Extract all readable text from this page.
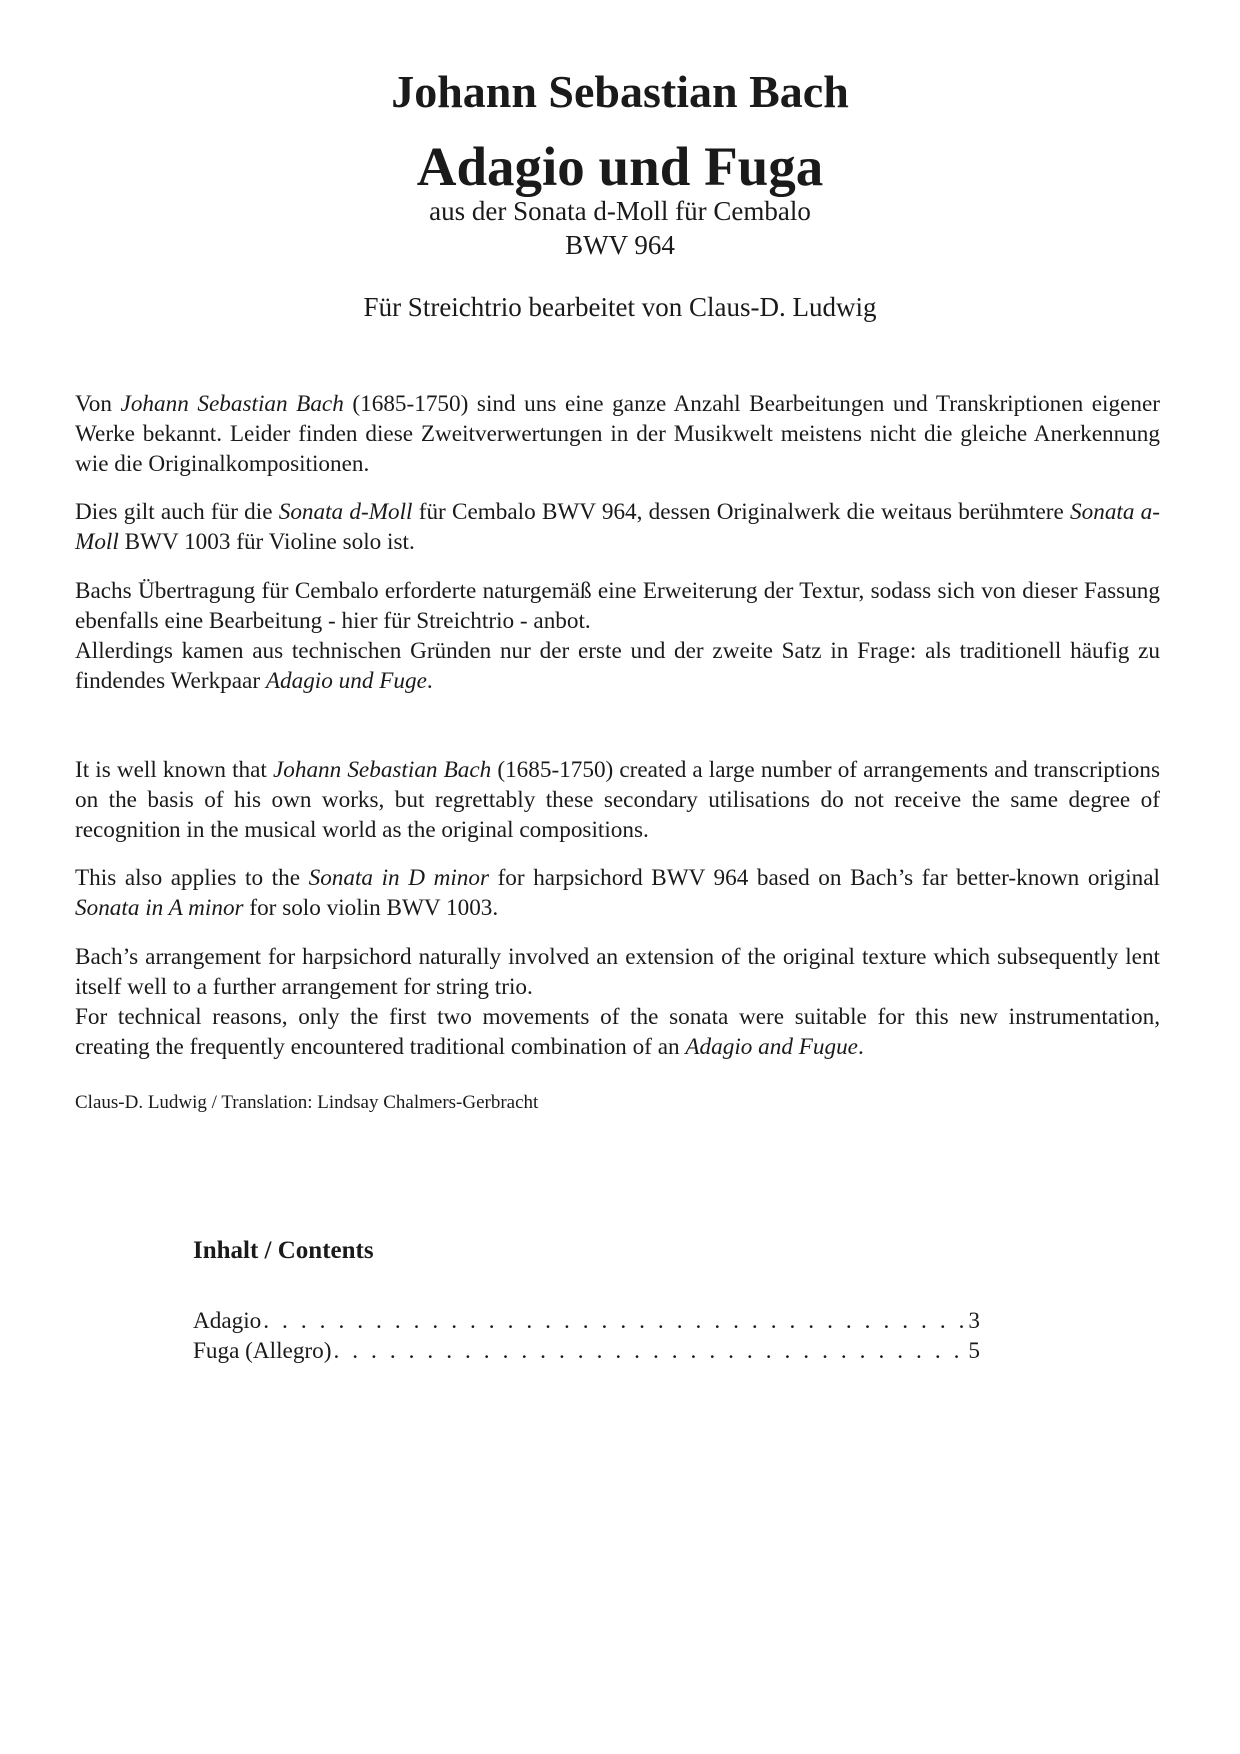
Johann Sebastian Bach
Adagio und Fuga
aus der Sonata d-Moll für Cembalo
BWV 964
Für Streichtrio bearbeitet von Claus-D. Ludwig

Von Johann Sebastian Bach (1685-1750) sind uns eine ganze Anzahl Bearbeitungen und Transkriptionen eigener Werke bekannt. Leider finden diese Zweitverwertungen in der Musikwelt meistens nicht die gleiche Anerkennung wie die Originalkompositionen.

Dies gilt auch für die Sonata d-Moll für Cembalo BWV 964, dessen Originalwerk die weitaus berühmtere Sonata a-Moll BWV 1003 für Violine solo ist.

Bachs Übertragung für Cembalo erforderte naturgemäß eine Erweiterung der Textur, sodass sich von dieser Fassung ebenfalls eine Bearbeitung - hier für Streichtrio - anbot.

Allerdings kamen aus technischen Gründen nur der erste und der zweite Satz in Frage: als traditionell häufig zu findendes Werkpaar Adagio und Fuge.

It is well known that Johann Sebastian Bach (1685-1750) created a large number of arrangements and transcriptions on the basis of his own works, but regrettably these secondary utilisations do not receive the same degree of recognition in the musical world as the original compositions.

This also applies to the Sonata in D minor for harpsichord BWV 964 based on Bach’s far better-known original Sonata in A minor for solo violin BWV 1003.

Bach’s arrangement for harpsichord naturally involved an extension of the original texture which subsequently lent itself well to a further arrangement for string trio.

For technical reasons, only the first two movements of the sonata were suitable for this new instrumentation, creating the frequently encountered traditional combination of an Adagio and Fugue.

Claus-D. Ludwig / Translation: Lindsay Chalmers-Gerbracht
Inhalt / Contents
Adagio . . .	3
Fuga (Allegro) . . .	5
